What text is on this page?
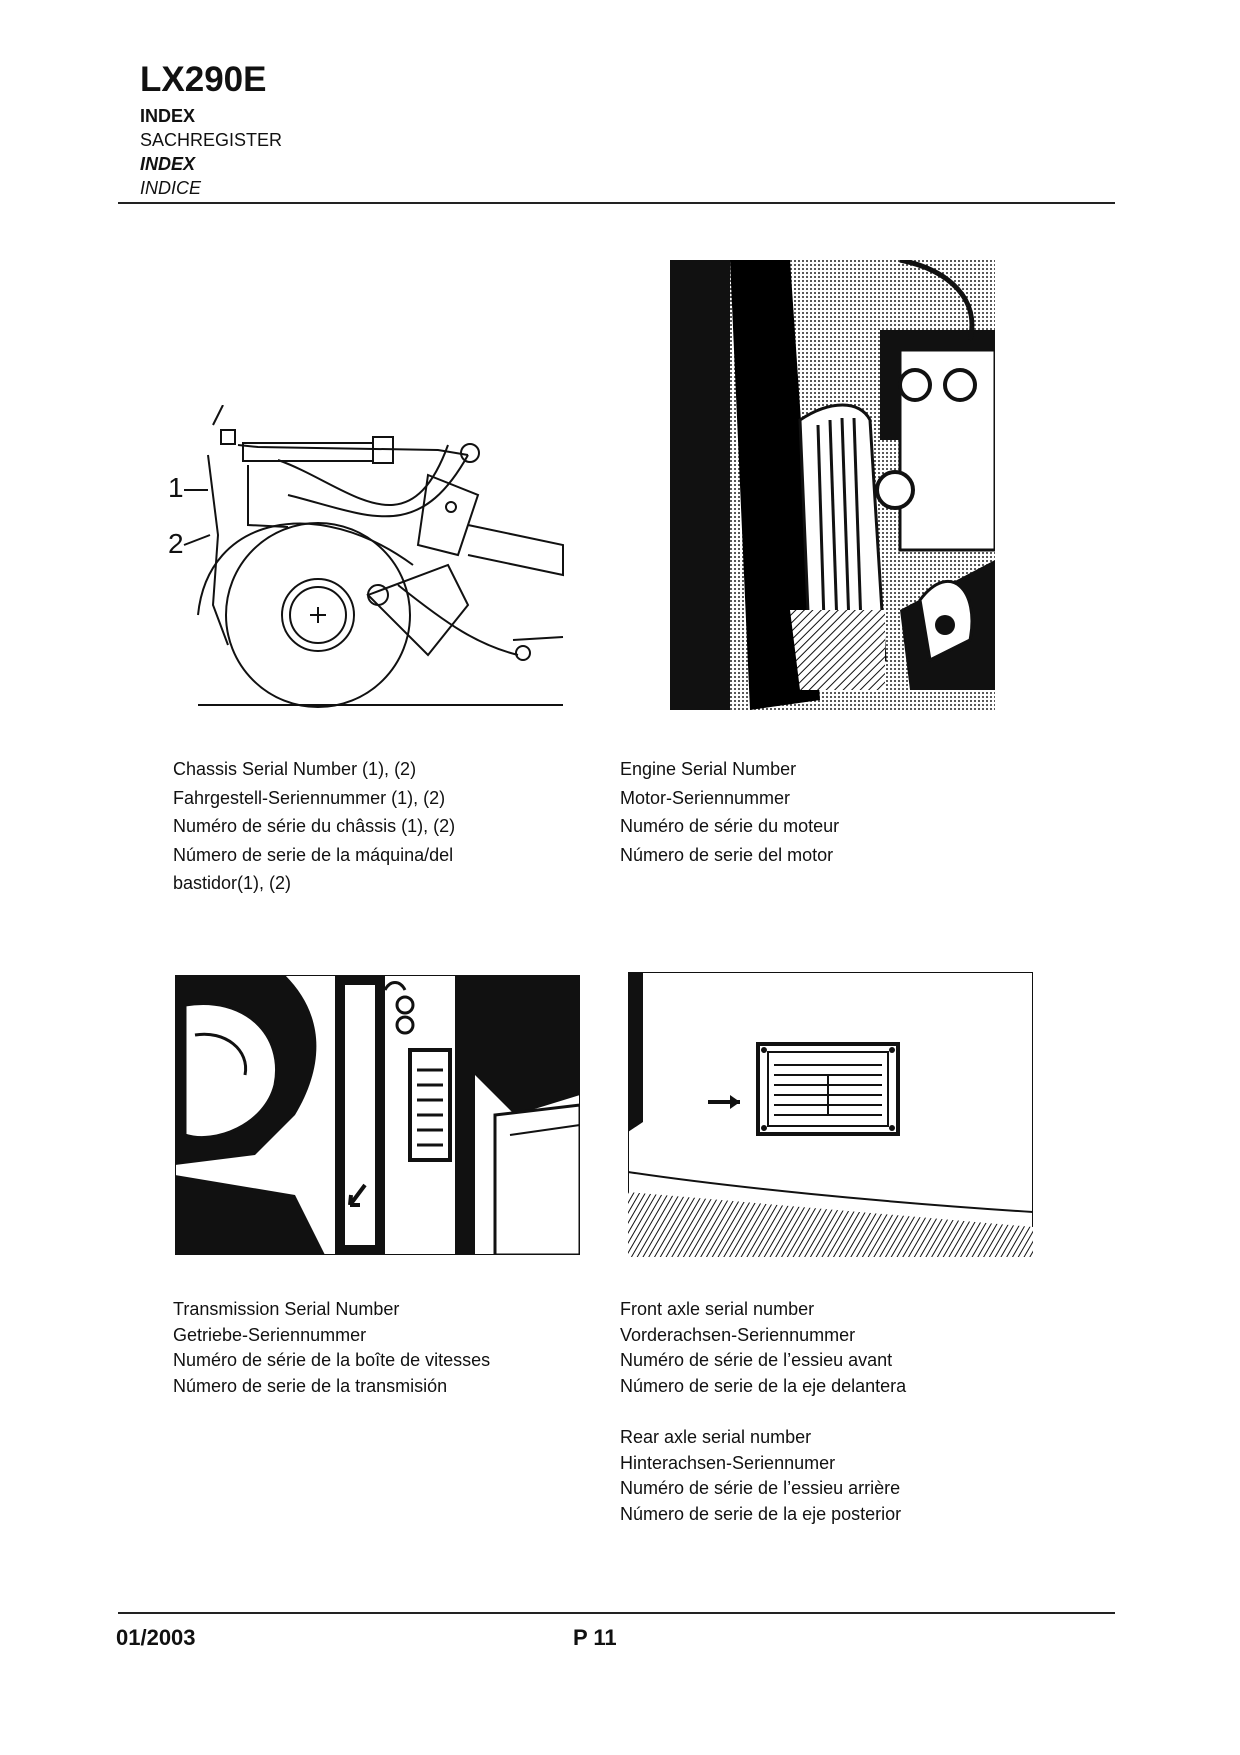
LX290E
INDEX
SACHREGISTER
INDEX
INDICE
1
2
Chassis Serial Number (1), (2)
Fahrgestell-Seriennummer (1), (2)
Numéro de série du châssis (1), (2)
Número de serie de la máquina/del
bastidor(1), (2)
Engine Serial Number
Motor-Seriennummer
Numéro de série du moteur
Número de serie del motor
Transmission Serial Number
Getriebe-Seriennummer
Numéro de série de la boîte de vitesses
Número de serie de la transmisión
Front axle serial number
Vorderachsen-Seriennummer
Numéro de série de l’essieu avant
Número de serie de la eje delantera
Rear axle serial number
Hinterachsen-Seriennumer
Numéro de série de l’essieu arrière
Número de serie de la eje posterior
01/2003	P 11
